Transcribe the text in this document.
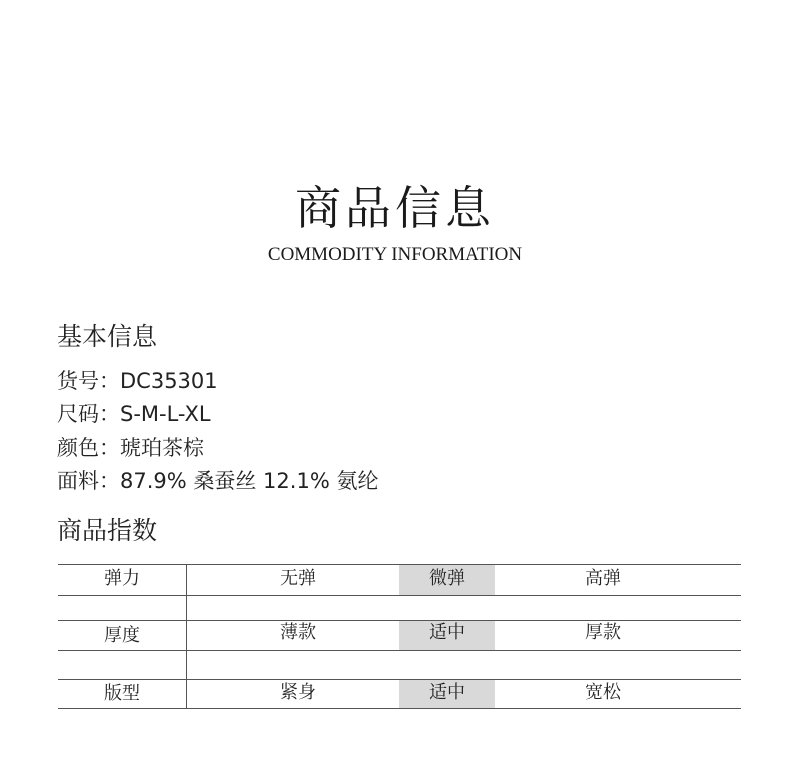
商品信息
COMMODITY INFORMATION
基本信息
货号：DC35301
尺码：S-M-L-XL
颜色：琥珀茶棕
面料：87.9% 桑蚕丝 12.1% 氨纶
商品指数
弹力	无弹	微弹	高弹
厚度	薄款	适中	厚款
版型	紧身	适中	宽松
